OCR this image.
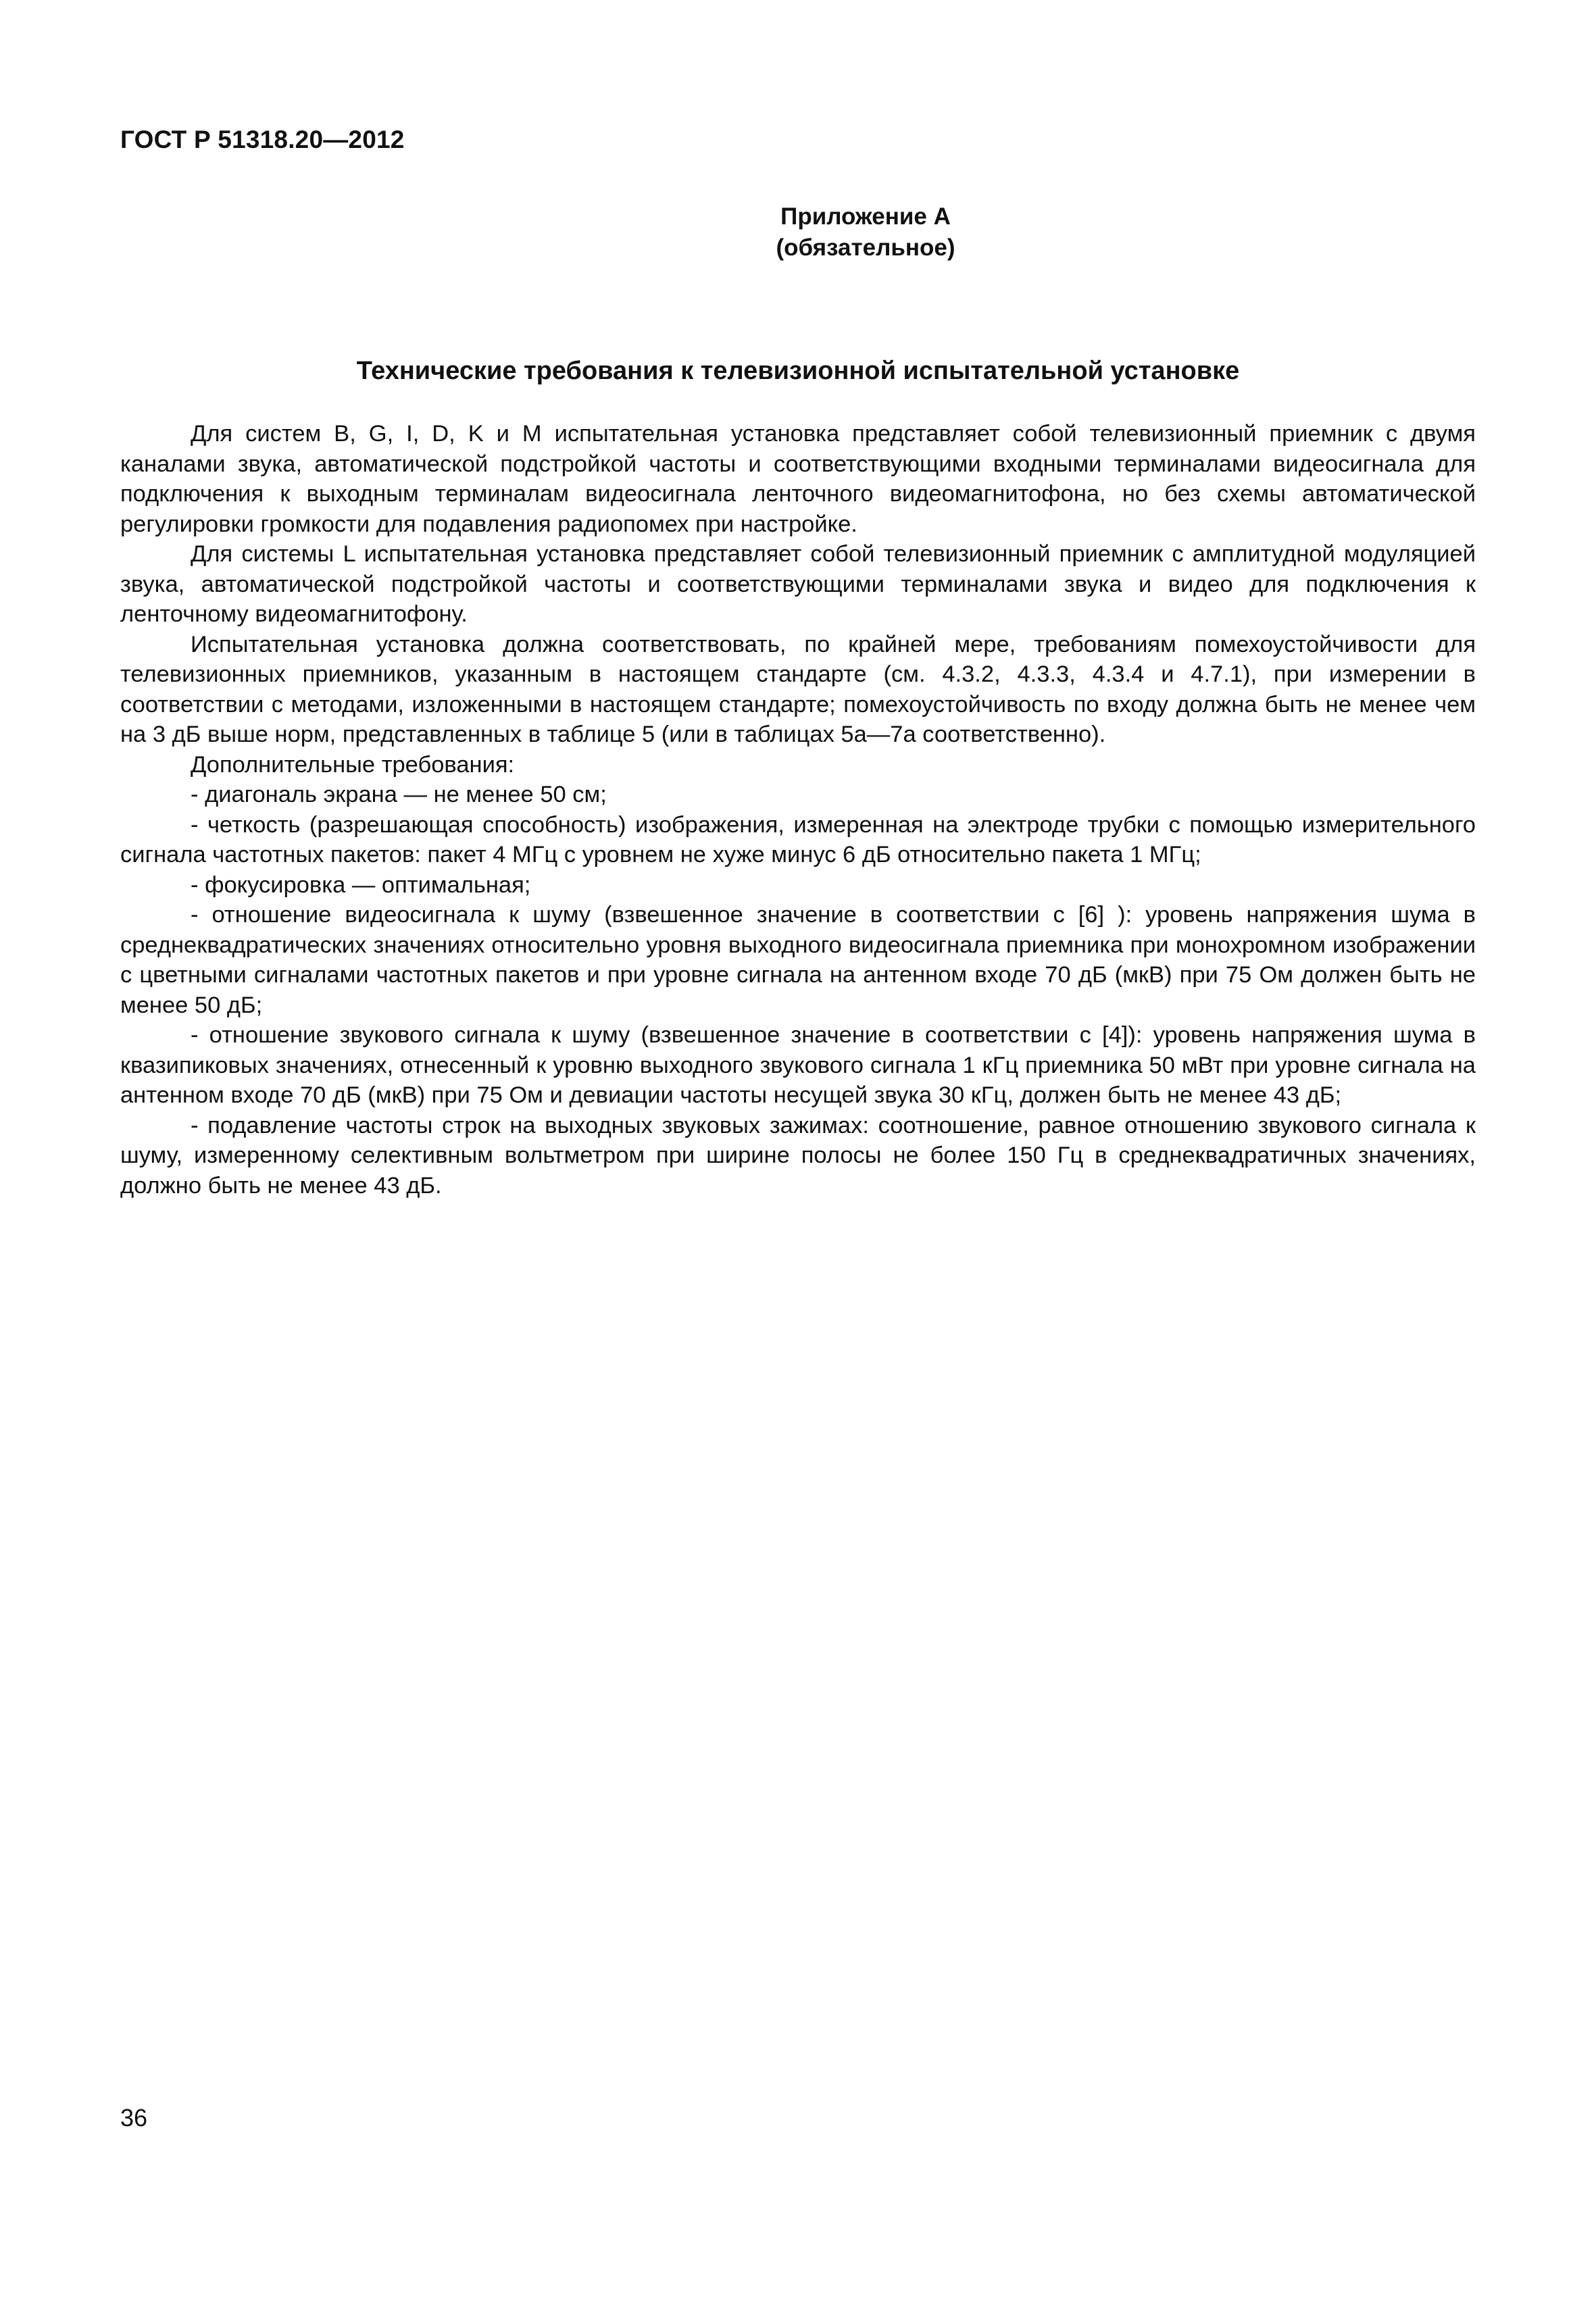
ГОСТ Р 51318.20—2012
Приложение А
(обязательное)
Технические требования к телевизионной испытательной установке

Для систем B, G, I, D, K и M испытательная установка представляет собой телевизионный приемник с двумя каналами звука, автоматической подстройкой частоты и соответствующими входными терминалами видеосигнала для подключения к выходным терминалам видеосигнала ленточного видеомагнитофона, но без схемы автоматической регулировки громкости для подавления радиопомех при настройке.

Для системы L испытательная установка представляет собой телевизионный приемник с амплитудной модуляцией звука, автоматической подстройкой частоты и соответствующими терминалами звука и видео для подключения к ленточному видеомагнитофону.

Испытательная установка должна соответствовать, по крайней мере, требованиям помехоустойчивости для телевизионных приемников, указанным в настоящем стандарте (см. 4.3.2, 4.3.3, 4.3.4 и 4.7.1), при измерении в соответствии с методами, изложенными в настоящем стандарте; помехоустойчивость по входу должна быть не менее чем на 3 дБ выше норм, представленных в таблице 5 (или в таблицах 5а—7а соответственно).

Дополнительные требования:

- диагональ экрана — не менее 50 см;

- четкость (разрешающая способность) изображения, измеренная на электроде трубки с помощью измерительного сигнала частотных пакетов: пакет 4 МГц с уровнем не хуже минус 6 дБ относительно пакета 1 МГц;

- фокусировка — оптимальная;

- отношение видеосигнала к шуму (взвешенное значение в соответствии с [6] ): уровень напряжения шума в среднеквадратических значениях относительно уровня выходного видеосигнала приемника при монохромном изображении с цветными сигналами частотных пакетов и при уровне сигнала на антенном входе 70 дБ (мкВ) при 75 Ом должен быть не менее 50 дБ;

- отношение звукового сигнала к шуму (взвешенное значение в соответствии с [4]): уровень напряжения шума в квазипиковых значениях, отнесенный к уровню выходного звукового сигнала 1 кГц приемника 50 мВт при уровне сигнала на антенном входе 70 дБ (мкВ) при 75 Ом и девиации частоты несущей звука 30 кГц, должен быть не менее 43 дБ;

- подавление частоты строк на выходных звуковых зажимах: соотношение, равное отношению звукового сигнала к шуму, измеренному селективным вольтметром при ширине полосы не более 150 Гц в среднеквадратичных значениях, должно быть не менее 43 дБ.

36
